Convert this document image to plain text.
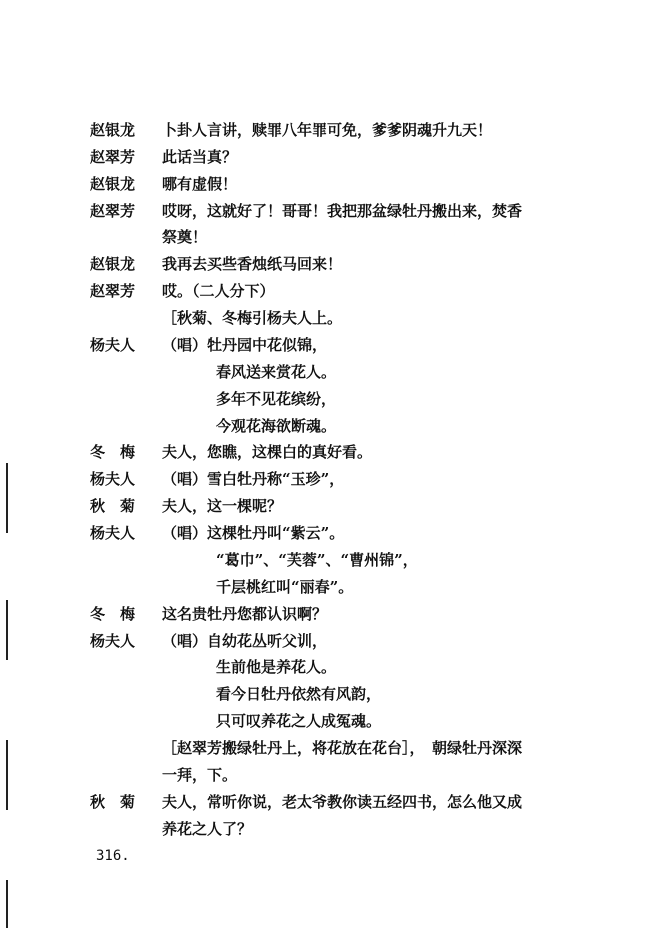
赵银龙	卜卦人言讲，赎罪八年罪可免，爹爹阴魂升九天！
赵翠芳	此话当真？
赵银龙	哪有虚假！
赵翠芳	哎呀，这就好了！哥哥！我把那盆绿牡丹搬出来，焚香
祭奠！
赵银龙	我再去买些香烛纸马回来！
赵翠芳	哎。（二人分下）
［秋菊、冬梅引杨夫人上。
杨夫人	（唱）牡丹园中花似锦，
春风送来赏花人。
多年不见花缤纷，
今观花海欲断魂。
冬　梅	夫人，您瞧，这棵白的真好看。
杨夫人	（唱）雪白牡丹称“玉珍”，
秋　菊	夫人，这一棵呢？
杨夫人	（唱）这棵牡丹叫“紫云”。
“葛巾”、“芙蓉”、“曹州锦”，
千层桃红叫“丽春”。
冬　梅	这名贵牡丹您都认识啊？
杨夫人	（唱）自幼花丛听父训，
生前他是养花人。
看今日牡丹依然有风韵，
只可叹养花之人成冤魂。
［赵翠芳搬绿牡丹上，将花放在花台］，　朝绿牡丹深深
一拜，下。
秋　菊	夫人，常听你说，老太爷教你读五经四书，怎么他又成
养花之人了？
316.
